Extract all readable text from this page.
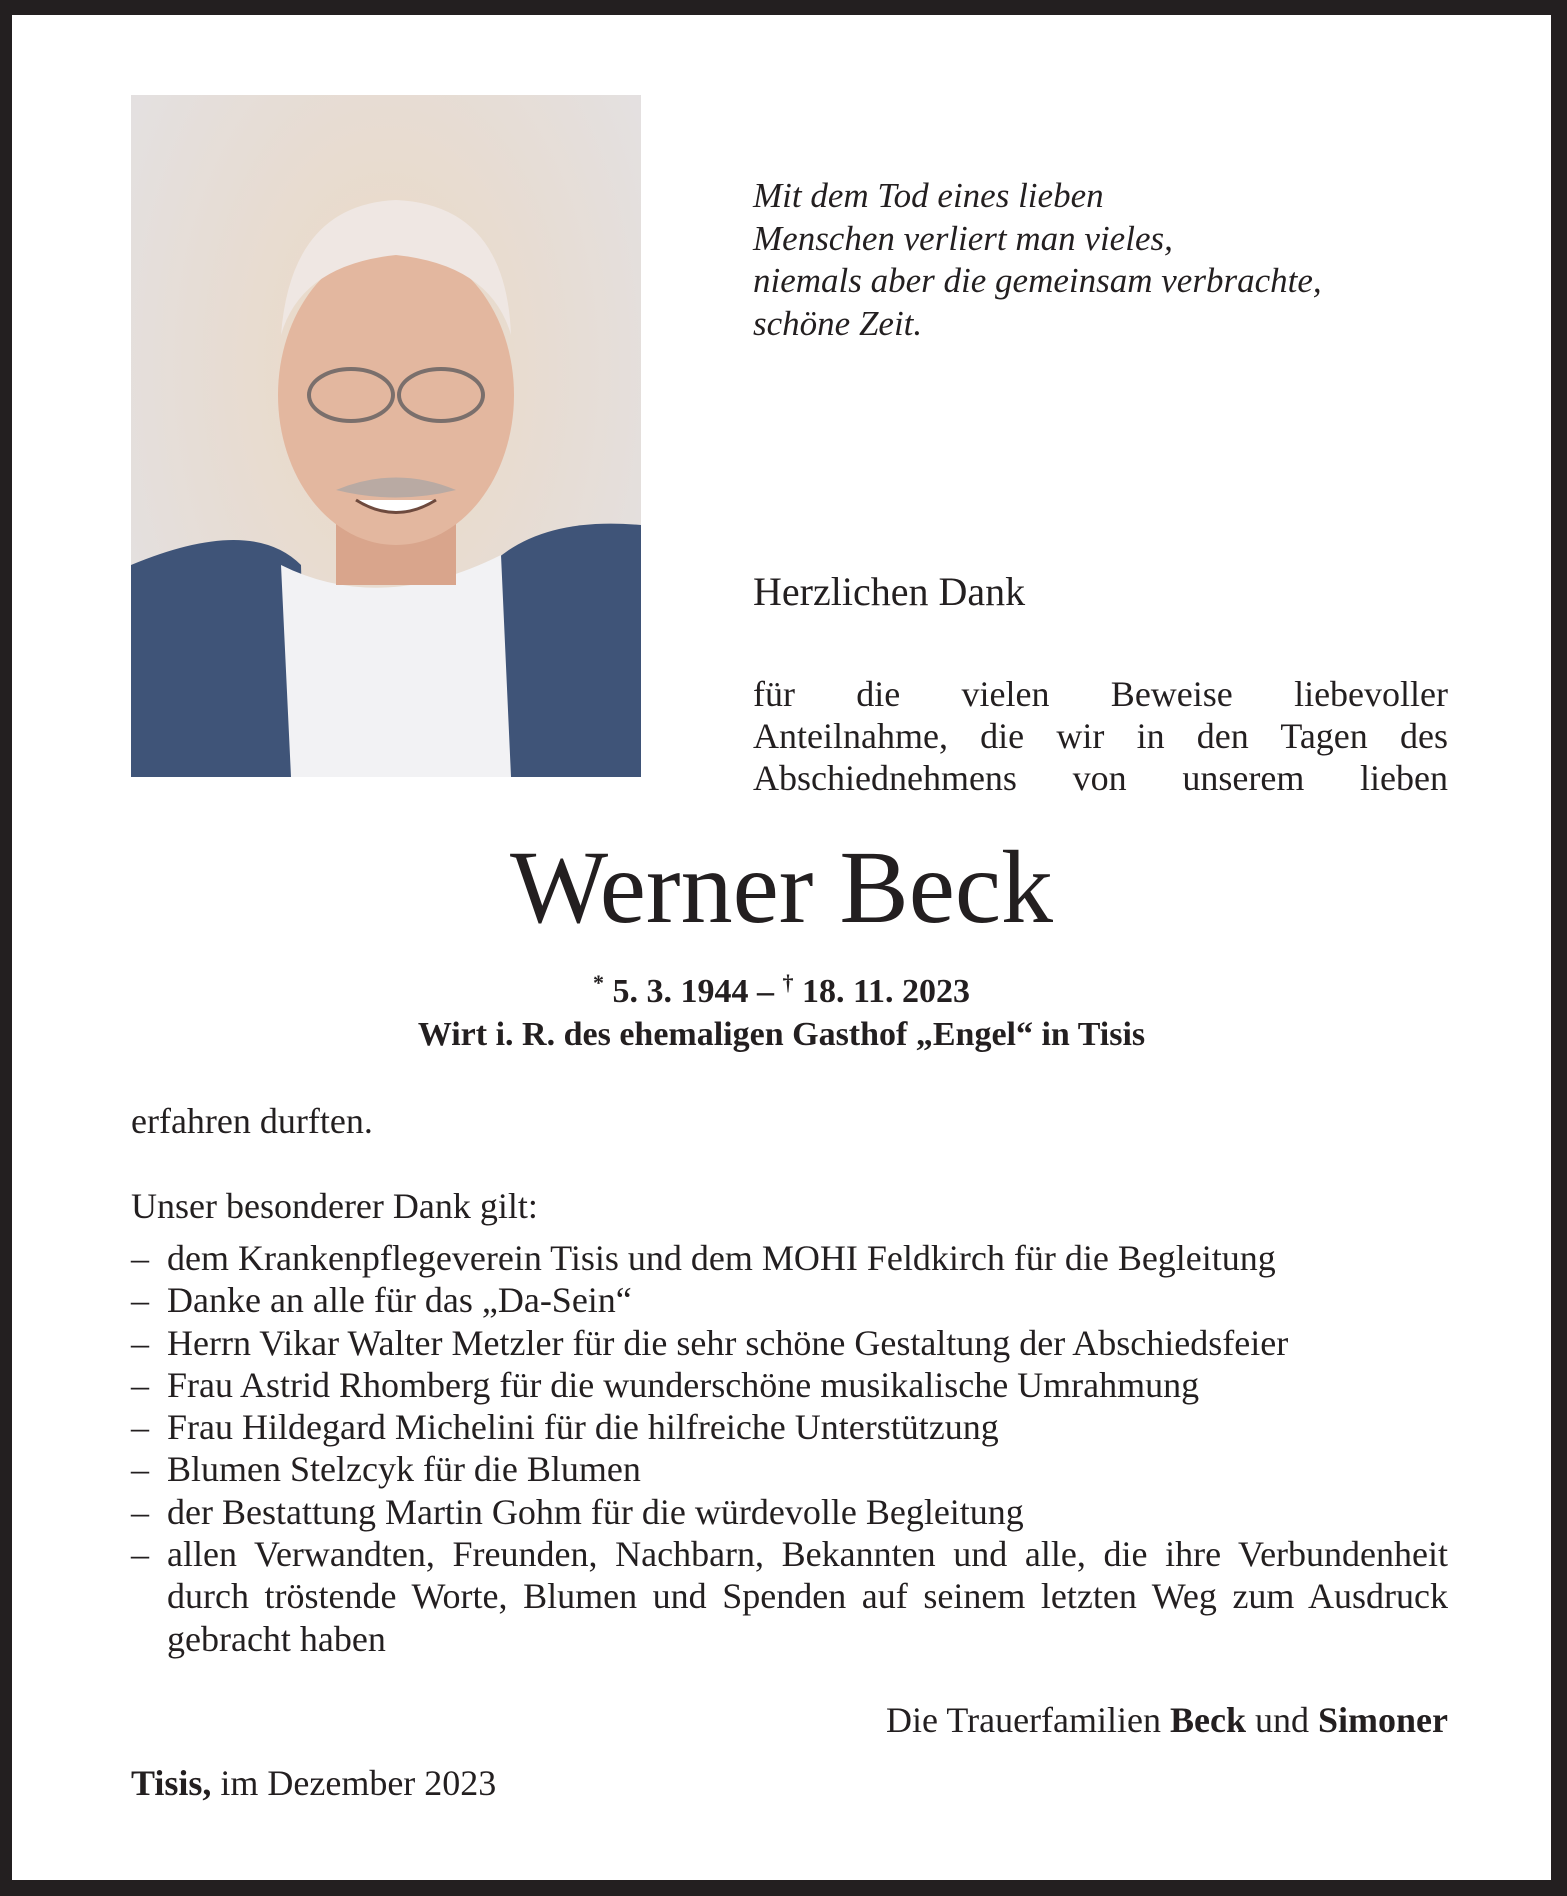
Mit dem Tod eines lieben
Menschen verliert man vieles,
niemals aber die gemeinsam verbrachte,
schöne Zeit.
Herzlichen Dank
für die vielen Beweise liebevoller
Anteilnahme, die wir in den Tagen des
Abschiednehmens von unserem lieben
Werner Beck
* 5. 3. 1944 – † 18. 11. 2023
Wirt i. R. des ehemaligen Gasthof „Engel“ in Tisis
erfahren durften.
Unser besonderer Dank gilt:
– dem Krankenpflegeverein Tisis und dem MOHI Feldkirch für die Begleitung
– Danke an alle für das „Da-Sein“
– Herrn Vikar Walter Metzler für die sehr schöne Gestaltung der Abschiedsfeier
– Frau Astrid Rhomberg für die wunderschöne musikalische Umrahmung
– Frau Hildegard Michelini für die hilfreiche Unterstützung
– Blumen Stelzcyk für die Blumen
– der Bestattung Martin Gohm für die würdevolle Begleitung
– allen Verwandten, Freunden, Nachbarn, Bekannten und alle, die ihre Verbundenheit durch tröstende Worte, Blumen und Spenden auf seinem letzten Weg zum Ausdruck gebracht haben
Die Trauerfamilien Beck und Simoner
Tisis, im Dezember 2023
